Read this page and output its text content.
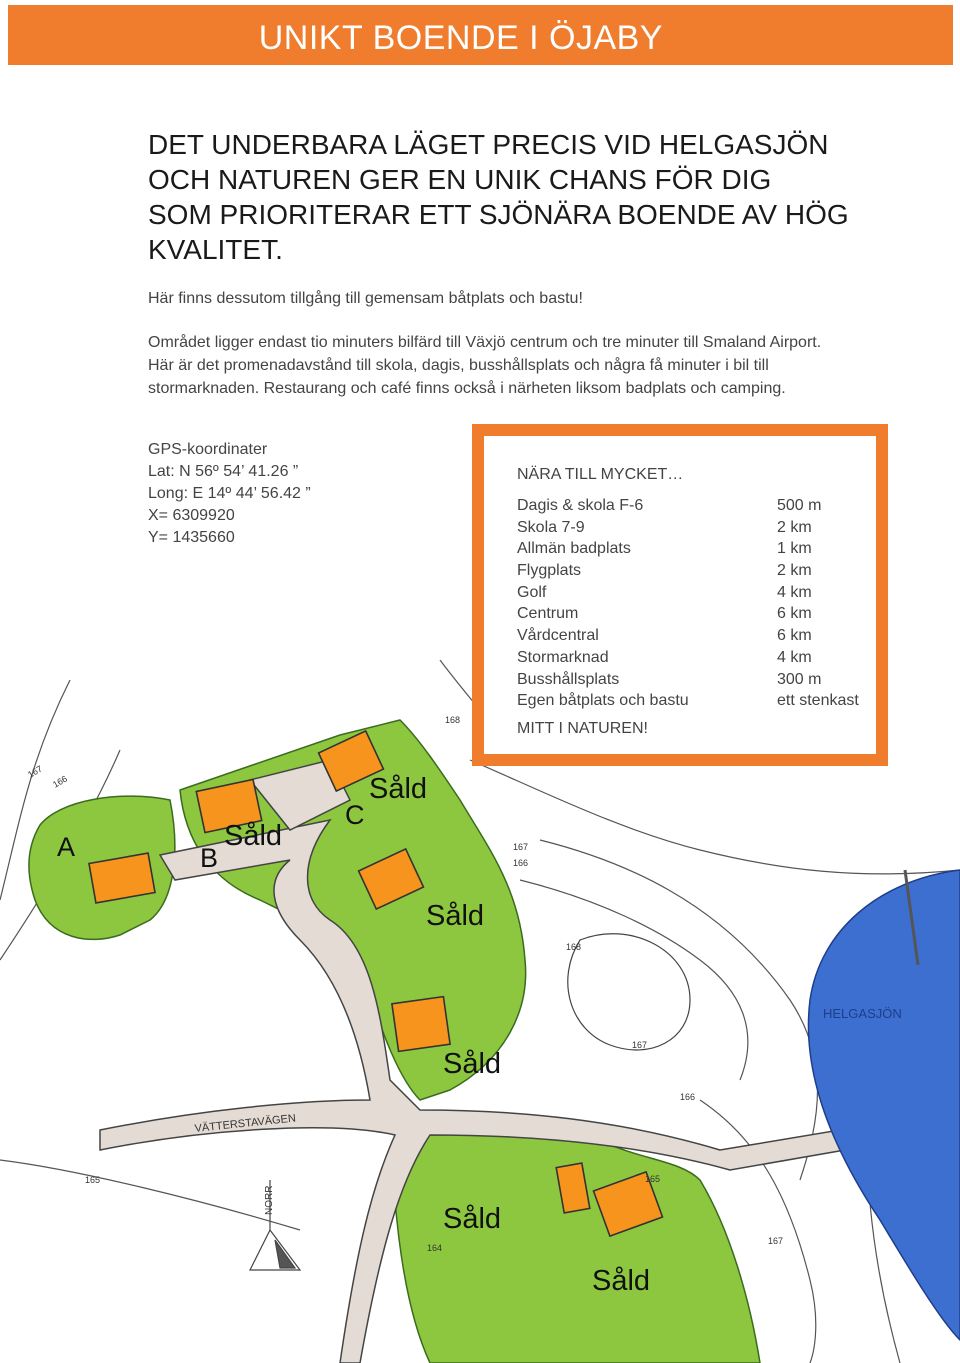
UNIKT BOENDE I ÖJABY
DET UNDERBARA LÄGET PRECIS VID HELGASJÖN
OCH NATUREN GER EN UNIK CHANS FÖR DIG
SOM PRIORITERAR ETT SJÖNÄRA BOENDE AV HÖG
KVALITET.
Här finns dessutom tillgång till gemensam båtplats och bastu!
Området ligger endast tio minuters bilfärd till Växjö centrum och tre minuter till Smaland Airport. Här är det promenadavstånd till skola, dagis, busshållsplats och några få minuter i bil till stormarknaden. Restaurang och café finns också i närheten liksom badplats och camping.
GPS-koordinater
Lat: N 56º 54’ 41.26 ”
Long: E 14º 44’ 56.42 ”
X= 6309920
Y= 1435660
167
166
168
167
166
168
167
166
165
164
167
165
VÄTTERSTAVÄGEN
HELGASJÖN
NORR
NÄRA TILL MYCKET…
Dagis & skola F-6	500 m
Skola 7-9	2 km
Allmän badplats	1 km
Flygplats	2 km
Golf	4 km
Centrum	6 km
Vårdcentral	6 km
Stormarknad	4 km
Busshållsplats	300 m
Egen båtplats och bastu	ett stenkast
MITT I NATUREN!
A	B
C
Såld
Såld
Såld
Såld
Såld
Såld
